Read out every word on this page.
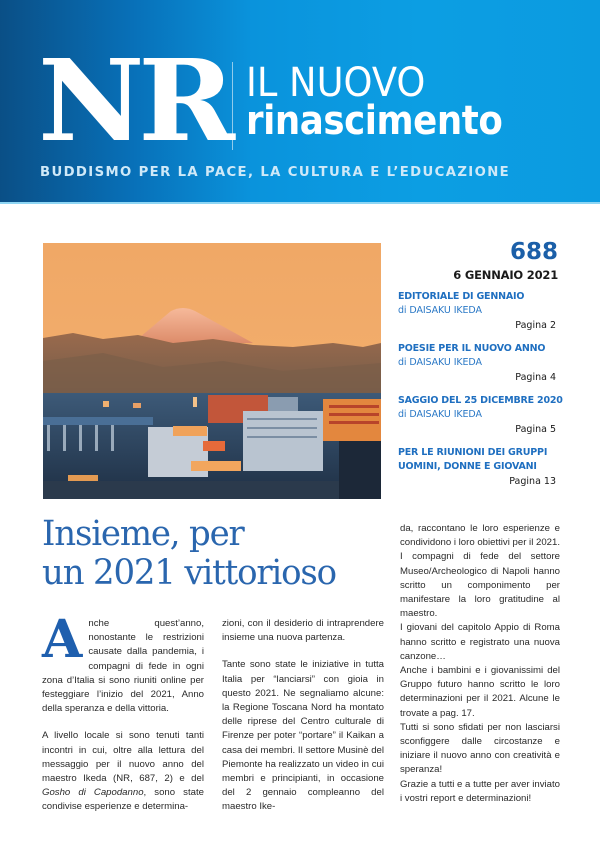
NR IL NUOVO
rinascimento
BUDDISMO PER LA PACE, LA CULTURA E L’EDUCAZIONE
688
6 GENNAIO 2021
EDITORIALE DI GENNAIO
di DAISAKU IKEDA
Pagina 2
POESIE PER IL NUOVO ANNO
di DAISAKU IKEDA
Pagina 4
SAGGIO DEL 25 DICEMBRE 2020
di DAISAKU IKEDA
Pagina 5
PER LE RIUNIONI DEI GRUPPI
UOMINI, DONNE E GIOVANI
Pagina 13
Insieme, per
un 2021 vittorioso

Anche quest’anno, nonostante le restrizioni causate dalla pandemia, i compagni di fede in ogni zona d’Italia si sono riuniti online per festeggiare l’inizio del 2021, Anno della speranza e della vittoria.

A livello locale si sono tenuti tanti incontri in cui, oltre alla lettura del messaggio per il nuovo anno del maestro Ikeda (NR, 687, 2) e del Gosho di Capodanno, sono state condivise esperienze e determina-

zioni, con il desiderio di intraprendere insieme una nuova partenza.

Tante sono state le iniziative in tutta Italia per “lanciarsi” con gioia in questo 2021. Ne segnaliamo alcune: la Regione Toscana Nord ha montato delle riprese del Centro culturale di Firenze per poter “portare” il Kaikan a casa dei membri. Il settore Musinè del Piemonte ha realizzato un video in cui membri e principianti, in occasione del 2 gennaio compleanno del maestro Ike-

da, raccontano le loro esperienze e condividono i loro obiettivi per il 2021. I compagni di fede del settore Museo/Archeologico di Napoli hanno scritto un componimento per manifestare la loro gratitudine al maestro.

I giovani del capitolo Appio di Roma hanno scritto e registrato una nuova canzone…

Anche i bambini e i giovanissimi del Gruppo futuro hanno scritto le loro determinazioni per il 2021. Alcune le trovate a pag. 17.

Tutti si sono sfidati per non lasciarsi sconfiggere dalle circostanze e iniziare il nuovo anno con creatività e speranza!

Grazie a tutti e a tutte per aver inviato i vostri report e determinazioni!
